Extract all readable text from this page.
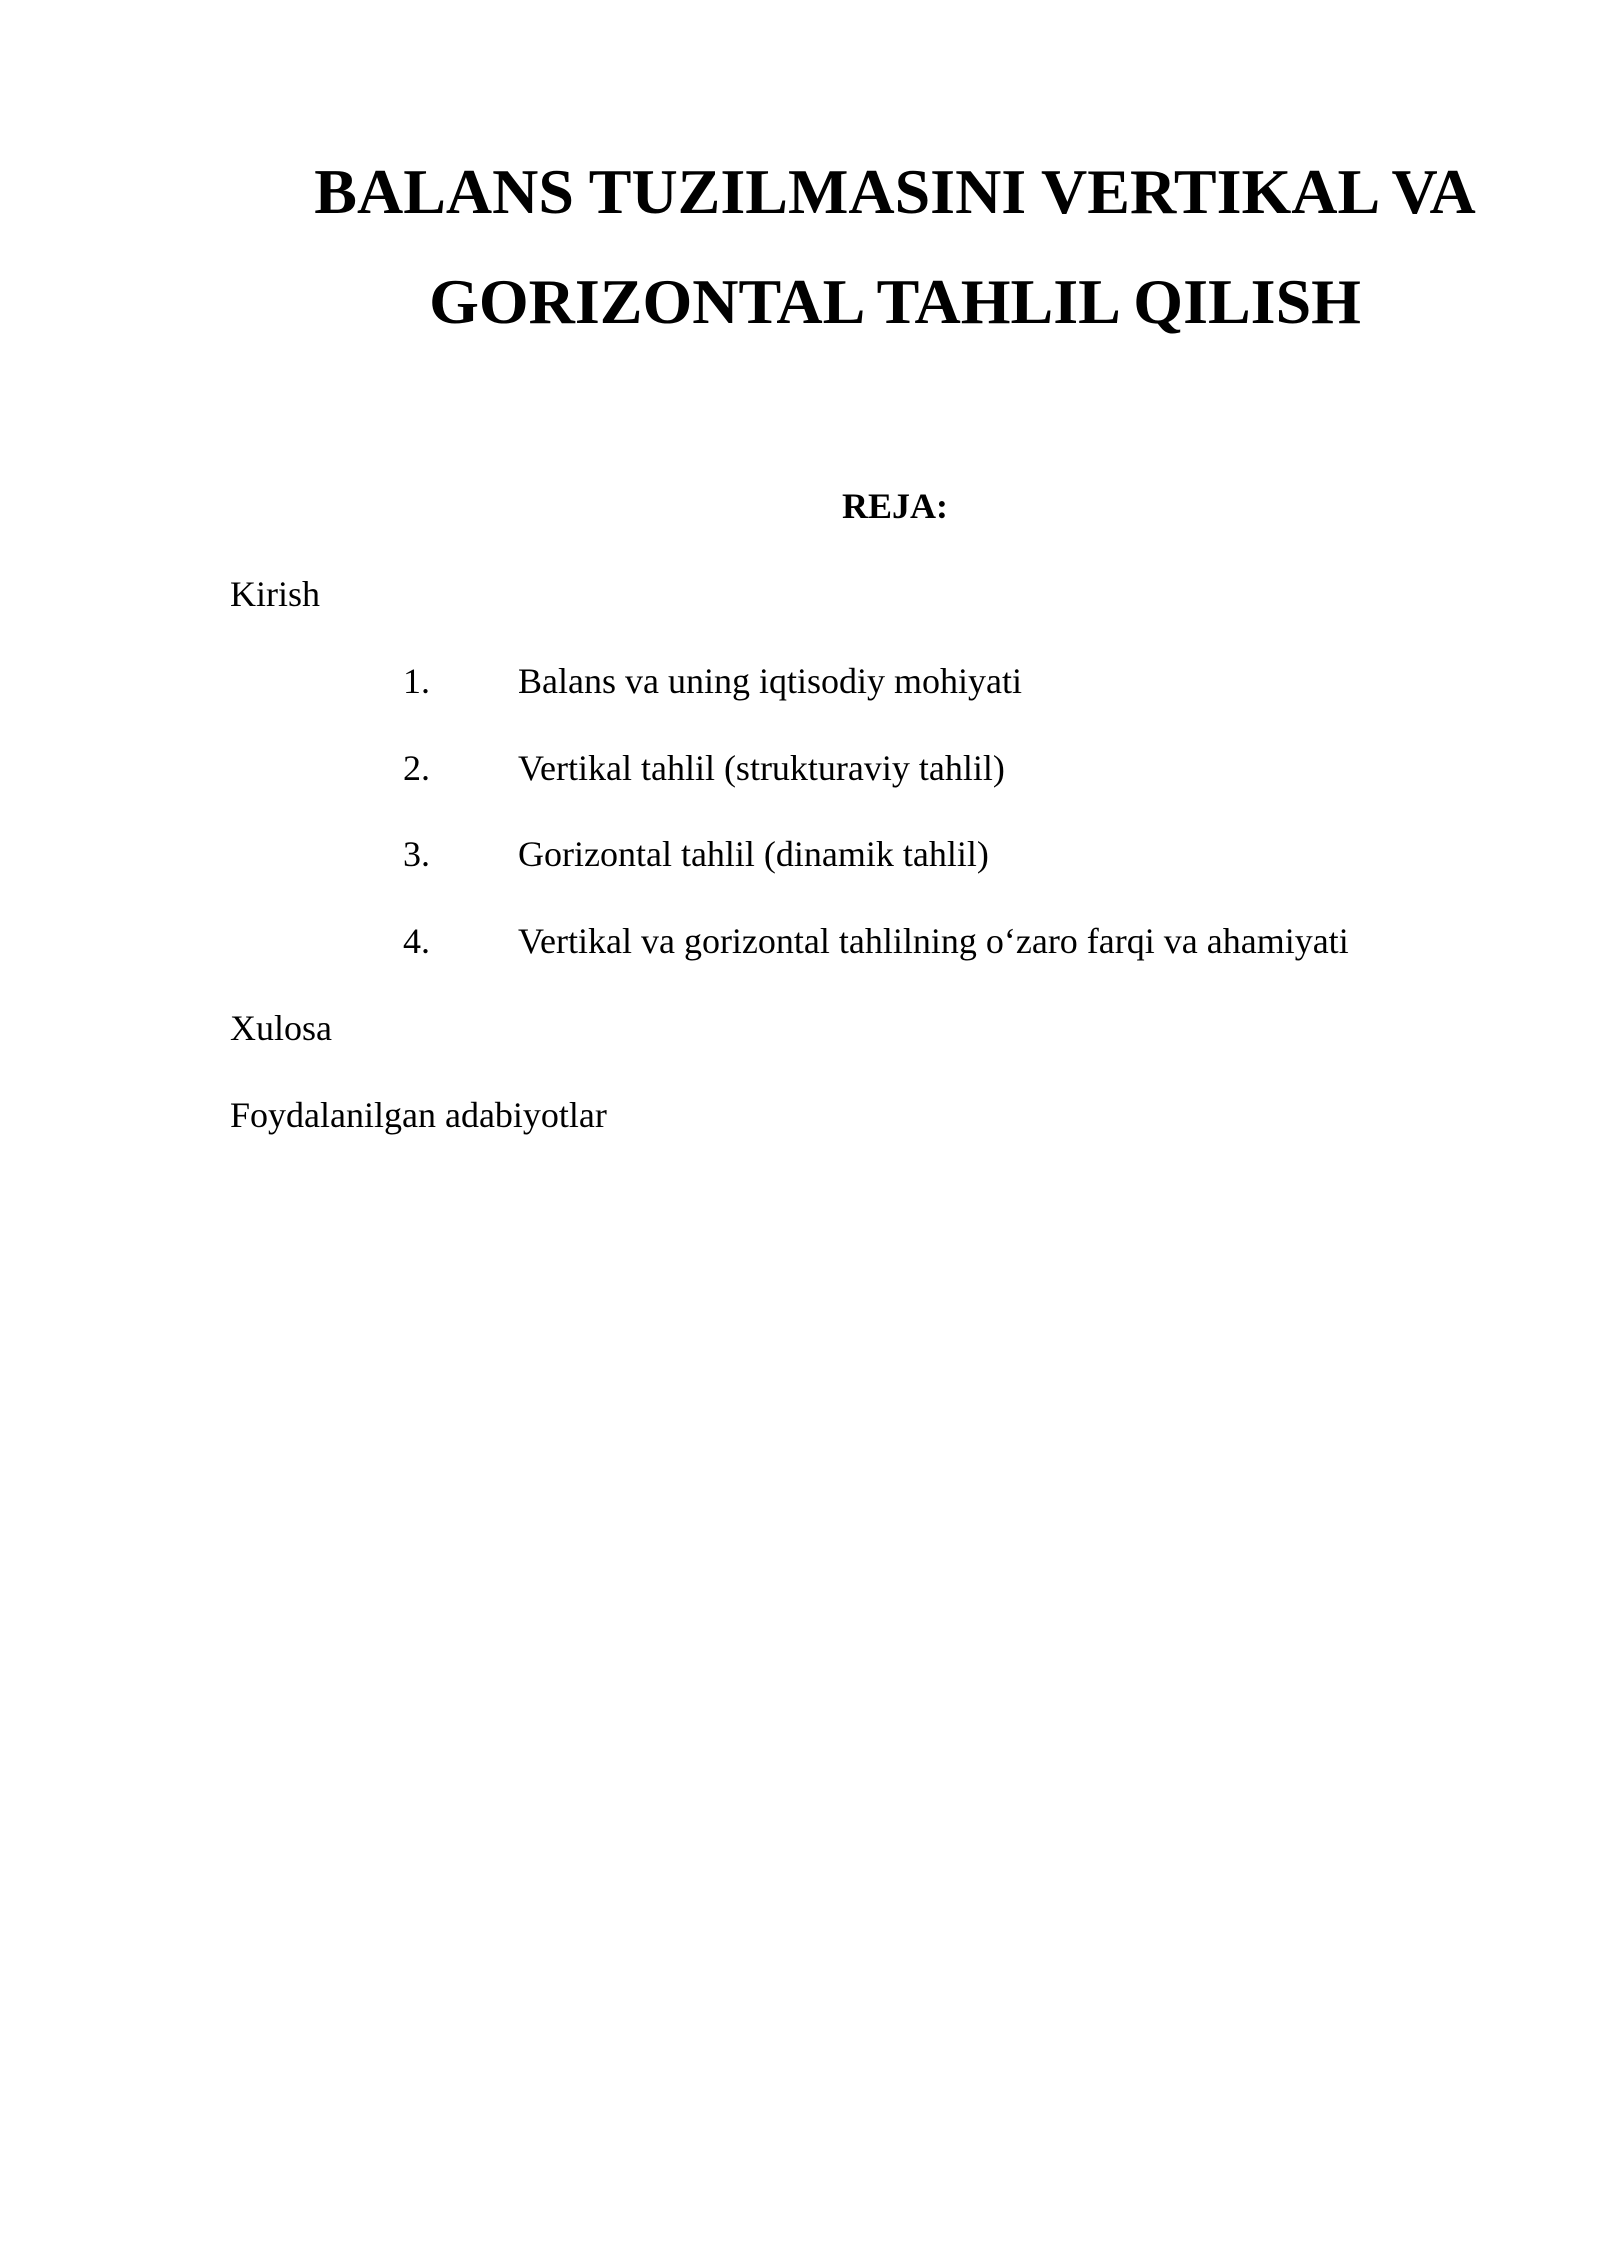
BALANS TUZILMASINI VERTIKAL VA
GORIZONTAL TAHLIL QILISH
REJA:
Kirish
1. Balans va uning iqtisodiy mohiyati
2. Vertikal tahlil (strukturaviy tahlil)
3. Gorizontal tahlil (dinamik tahlil)
4. Vertikal va gorizontal tahlilning o‘zaro farqi va ahamiyati
Xulosa
Foydalanilgan adabiyotlar
